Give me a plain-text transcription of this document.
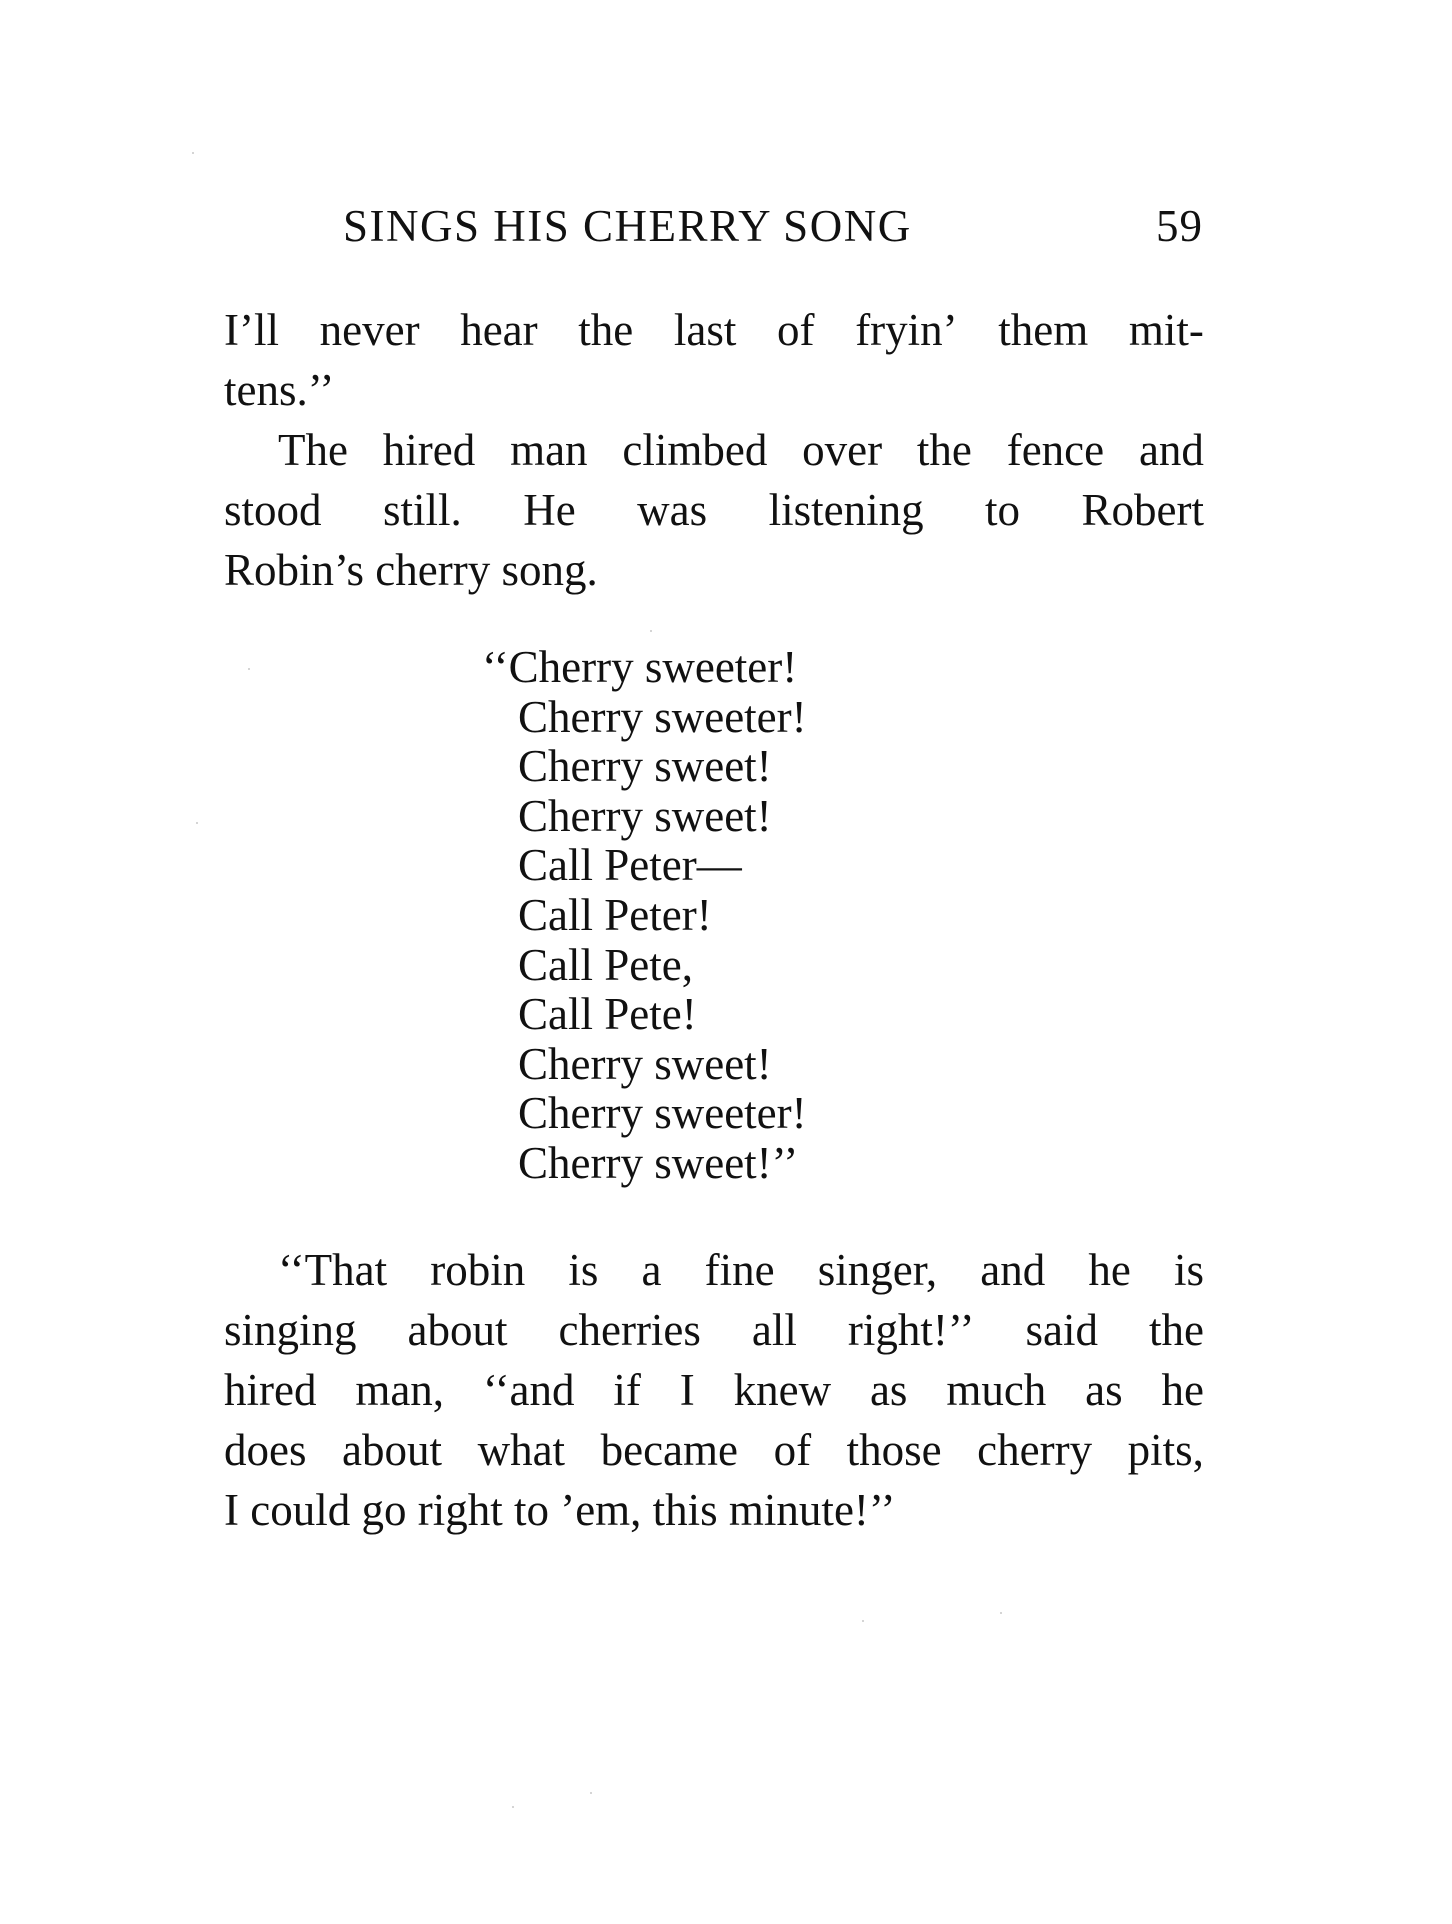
SINGS HIS CHERRY SONG	59
I’ll never hear the last of fryin’ them mit-
tens.’’
The hired man climbed over the fence and
stood still. He was listening to Robert
Robin’s cherry song.
‘‘Cherry sweeter!
Cherry sweeter!
Cherry sweet!
Cherry sweet!
Call Peter—
Call Peter!
Call Pete,
Call Pete!
Cherry sweet!
Cherry sweeter!
Cherry sweet!’’
‘‘That robin is a fine singer, and he is
singing about cherries all right!’’ said the
hired man, ‘‘and if I knew as much as he
does about what became of those cherry pits,
I could go right to ’em, this minute!’’
